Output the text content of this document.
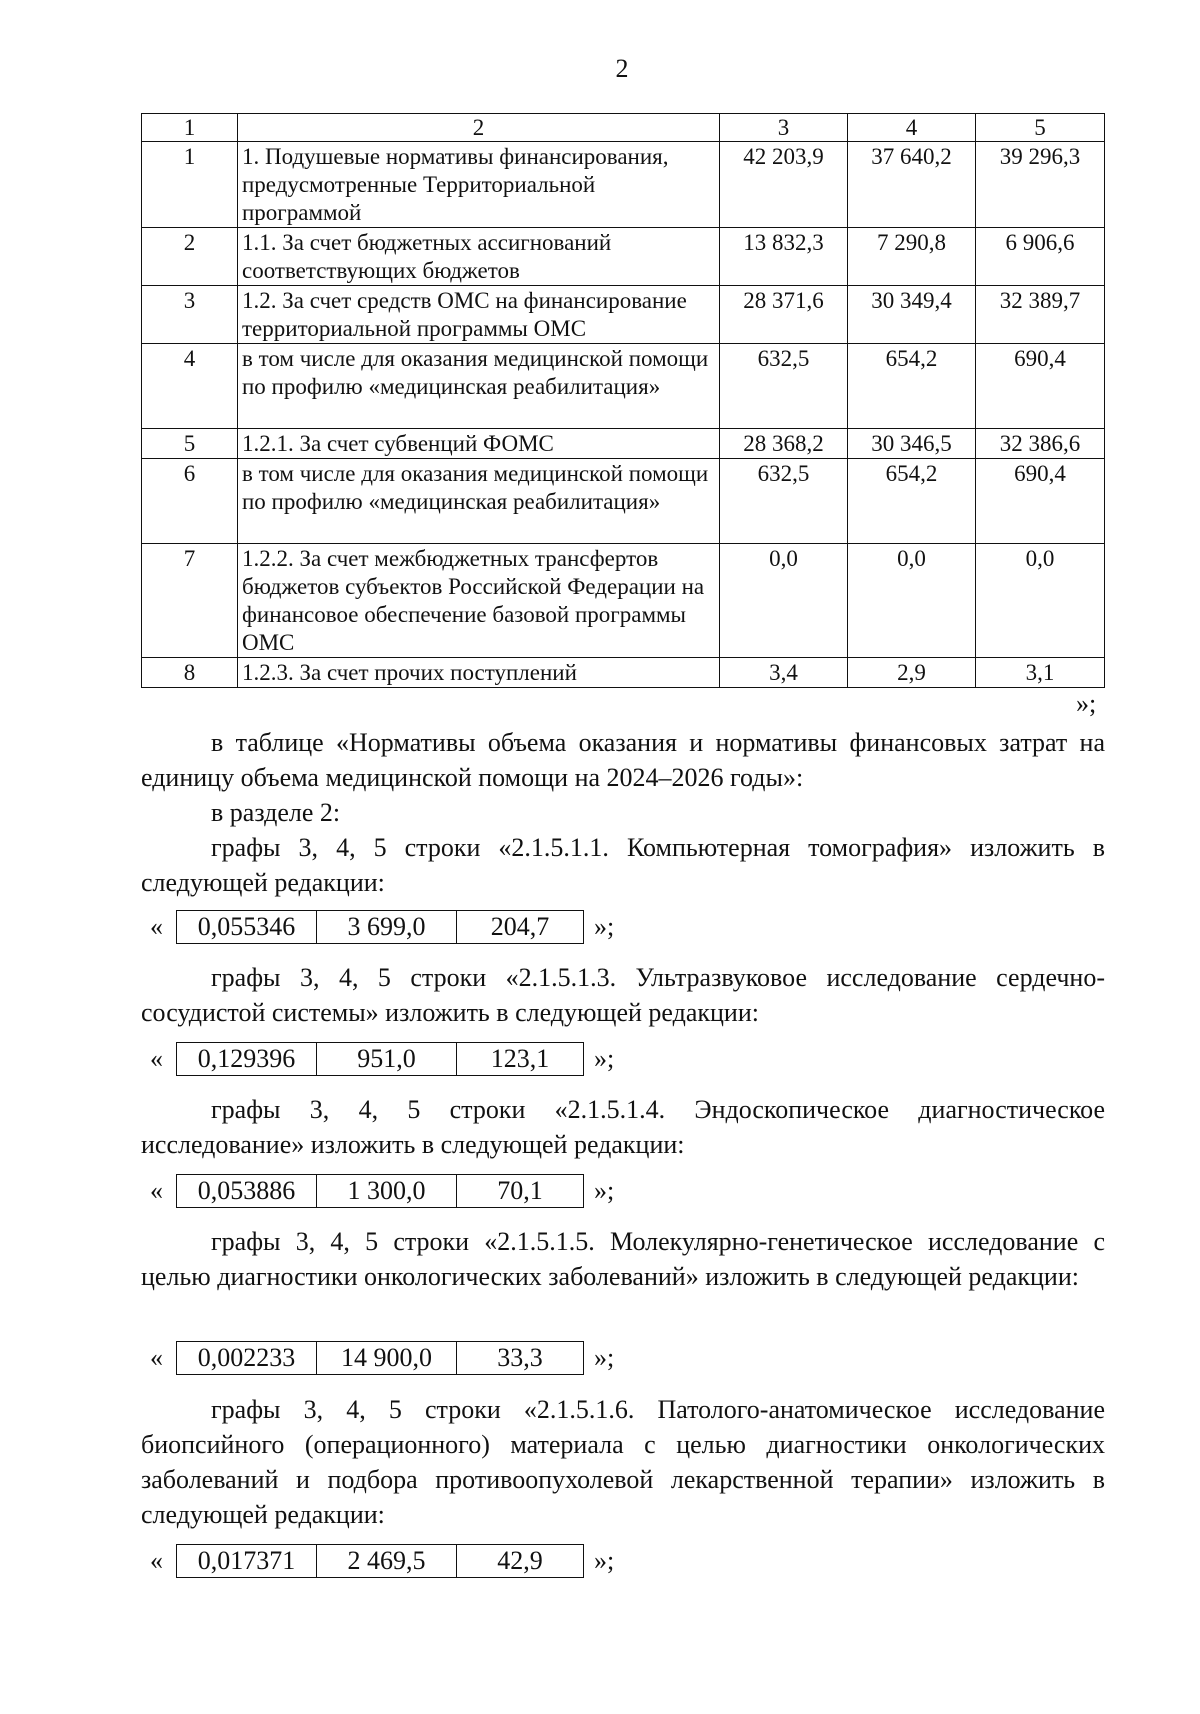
2
1	2	3	4	5
1	1. Подушевые нормативы финансирования, предусмотренные Территориальной программой	42 203,9	37 640,2	39 296,3
2	1.1. За счет бюджетных ассигнований соответствующих бюджетов	13 832,3	7 290,8	6 906,6
3	1.2. За счет средств ОМС на финансирование территориальной программы ОМС	28 371,6	30 349,4	32 389,7
4	в том числе для оказания медицинской помощи по профилю «медицинская реабилитация»	632,5	654,2	690,4
5	1.2.1. За счет субвенций ФОМС	28 368,2	30 346,5	32 386,6
6	в том числе для оказания медицинской помощи по профилю «медицинская реабилитация»	632,5	654,2	690,4
7	1.2.2. За счет межбюджетных трансфертов бюджетов субъектов Российской Федерации на финансовое обеспечение базовой программы ОМС	0,0	0,0	0,0
8	1.2.3. За счет прочих поступлений	3,4	2,9	3,1
»;
в таблице «Нормативы объема оказания и нормативы финансовых затрат на единицу объема медицинской помощи на 2024–2026 годы»:
в разделе 2:
графы 3, 4, 5 строки «2.1.5.1.1. Компьютерная томография» изложить в следующей редакции:
«	0,055346	3 699,0	204,7 »;
графы 3, 4, 5 строки «2.1.5.1.3. Ультразвуковое исследование сердечно-сосудистой системы» изложить в следующей редакции:
«	0,129396	951,0	123,1 »;
графы 3, 4, 5 строки «2.1.5.1.4. Эндоскопическое диагностическое исследование» изложить в следующей редакции:
«	0,053886	1 300,0	70,1 »;
графы 3, 4, 5 строки «2.1.5.1.5. Молекулярно-генетическое исследование с целью диагностики онкологических заболеваний» изложить в следующей редакции:
«	0,002233	14 900,0	33,3 »;
графы 3, 4, 5 строки «2.1.5.1.6. Патолого-анатомическое исследование биопсийного (операционного) материала с целью диагностики онкологических заболеваний и подбора противоопухолевой лекарственной терапии» изложить в следующей редакции:
«	0,017371	2 469,5	42,9 »;
